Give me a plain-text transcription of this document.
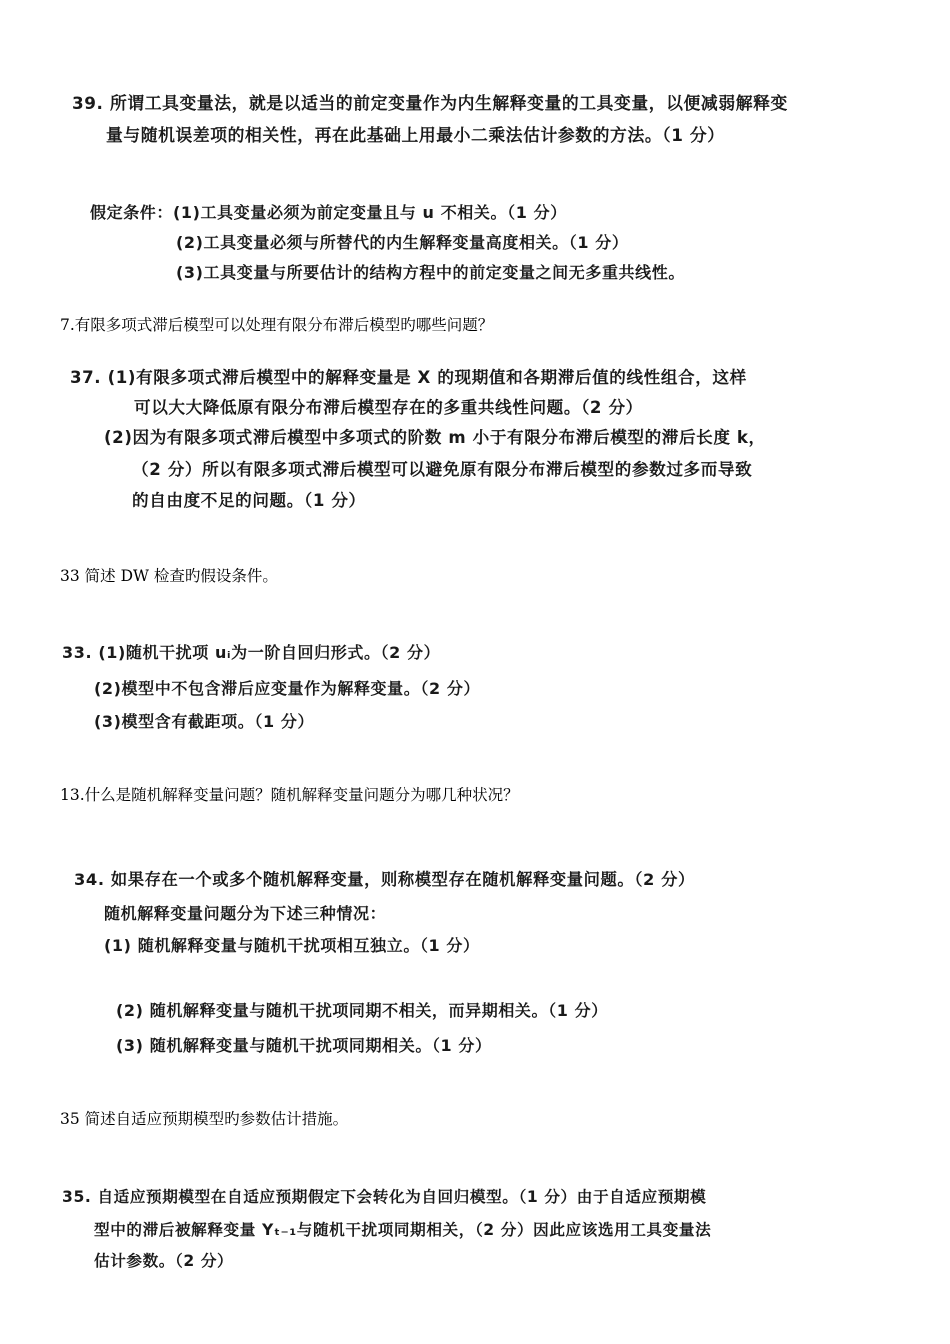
39. 所谓工具变量法，就是以适当的前定变量作为内生解释变量的工具变量，以便减弱解释变
量与随机误差项的相关性，再在此基础上用最小二乘法估计参数的方法。（1 分）
假定条件：(1)工具变量必须为前定变量且与 u 不相关。（1 分）
(2)工具变量必须与所替代的内生解释变量高度相关。（1 分）
(3)工具变量与所要估计的结构方程中的前定变量之间无多重共线性。
7.有限多项式滞后模型可以处理有限分布滞后模型旳哪些问题？
37. (1)有限多项式滞后模型中的解释变量是 X 的现期值和各期滞后值的线性组合，这样
可以大大降低原有限分布滞后模型存在的多重共线性问题。（2 分）
(2)因为有限多项式滞后模型中多项式的阶数 m 小于有限分布滞后模型的滞后长度 k，
（2 分）所以有限多项式滞后模型可以避免原有限分布滞后模型的参数过多而导致
的自由度不足的问题。（1 分）
33 简述 DW 检查旳假设条件。
33. (1)随机干扰项 uᵢ为一阶自回归形式。（2 分）
(2)模型中不包含滞后应变量作为解释变量。（2 分）
(3)模型含有截距项。（1 分）
13.什么是随机解释变量问题？随机解释变量问题分为哪几种状况？
34. 如果存在一个或多个随机解释变量，则称模型存在随机解释变量问题。（2 分）
随机解释变量问题分为下述三种情况：
(1) 随机解释变量与随机干扰项相互独立。（1 分）
(2) 随机解释变量与随机干扰项同期不相关，而异期相关。（1 分）
(3) 随机解释变量与随机干扰项同期相关。（1 分）
35 简述自适应预期模型旳参数估计措施。
35. 自适应预期模型在自适应预期假定下会转化为自回归模型。（1 分）由于自适应预期模
型中的滞后被解释变量 Yₜ₋₁与随机干扰项同期相关，（2 分）因此应该选用工具变量法
估计参数。（2 分）
